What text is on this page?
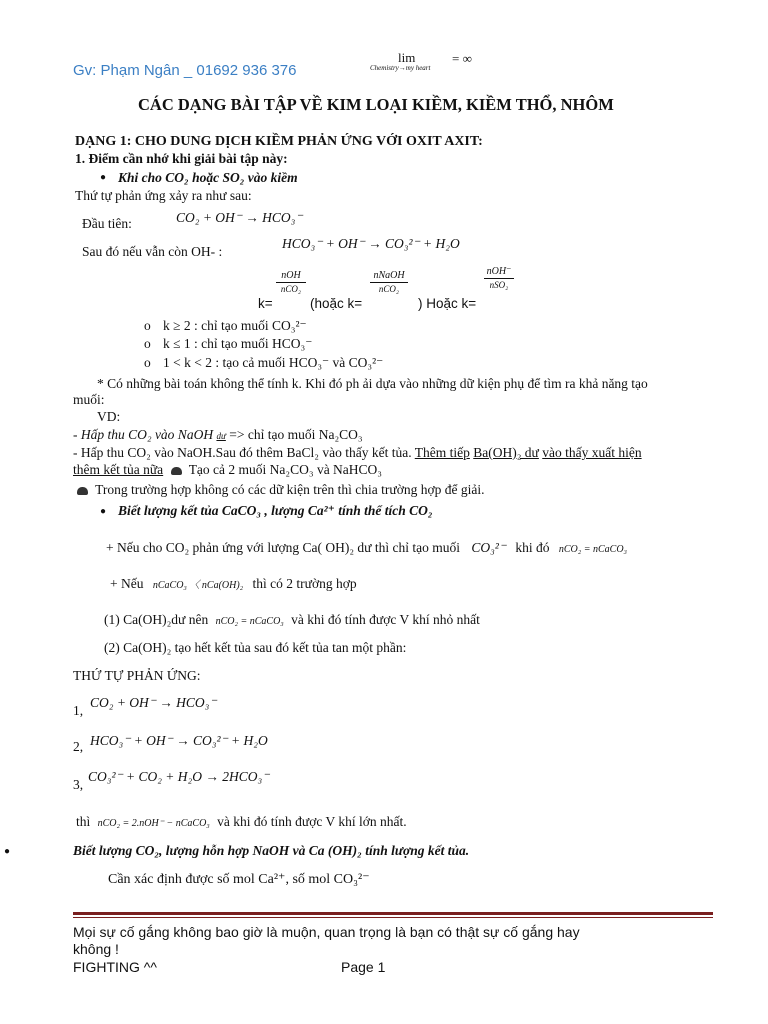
Gv: Phạm Ngân _ 01692 936 376
lim
Chemistry→my heart
= ∞
CÁC DẠNG BÀI TẬP VỀ KIM LOẠI KIỀM, KIỀM THỔ, NHÔM
DẠNG 1: CHO DUNG DỊCH KIỀM PHẢN ỨNG VỚI OXIT AXIT:
1. Điểm cần nhớ khi giải bài tập này:
● Khi cho CO₂ hoặc SO₂ vào kiềm
Thứ tự phản ứng xảy ra như sau:
Đầu tiên:	CO₂ + OH⁻ → HCO₃⁻
Sau đó nếu vẫn còn OH- :
HCO₃⁻ + OH⁻ → CO₃²⁻ + H₂O
k=
nOH
nCO₂
(hoặc k=
nNaOH
nCO₂
) Hoặc k=
nOH⁻
nSO₂
o k ≥ 2 : chỉ tạo muối CO₃²⁻
o k ≤ 1 : chỉ tạo muối HCO₃⁻
o 1 < k < 2 : tạo cả muối HCO₃⁻ và CO₃²⁻
* Có những bài toán không thể tính k. Khi đó ph ải dựa vào những dữ kiện phụ để tìm ra khả năng tạo
muối:
VD:
- Hấp thu CO₂ vào NaOH dư => chỉ tạo muối Na₂CO₃
- Hấp thu CO₂ vào NaOH.Sau đó thêm BaCl₂ vào thấy kết tủa. Thêm tiếp Ba(OH)₂ dư vào thấy xuất hiện
thêm kết tủa nữa Tạo cả 2 muối Na₂CO₃ và NaHCO₃
Trong trường hợp không có các dữ kiện trên thì chia trường hợp để giải.
● Biết lượng kết tủa CaCO₃ , lượng Ca²⁺ tính thể tích CO₂
+ Nếu cho CO₂ phản ứng với lượng Ca( OH)₂ dư thì chỉ tạo muối CO₃²⁻ khi đó nCO₂ = nCaCO₃
+ Nếu nCaCO₃ 〈 nCa(OH)₂ thì có 2 trường hợp
(1) Ca(OH)₂dư nên nCO₂ = nCaCO₃ và khi đó tính được V khí nhỏ nhất
(2) Ca(OH)₂ tạo hết kết tủa sau đó kết tủa tan một phần:
THỨ TỰ PHẢN ỨNG:
1,
CO₂ + OH⁻ → HCO₃⁻
2, HCO₃⁻ + OH⁻ → CO₃²⁻ + H₂O
3,
CO₃²⁻ + CO₂ + H₂O → 2HCO₃⁻
thì nCO₂ = 2.nOH⁻ − nCaCO₃ và khi đó tính được V khí lớn nhất.
●	Biết lượng CO₂, lượng hỗn hợp NaOH và Ca (OH)₂ tính lượng kết tủa.
Cần xác định được số mol Ca²⁺, số mol CO₃²⁻
Mọi sự cố gắng không bao giờ là muộn, quan trọng là bạn có thật sự cố gắng hay
không !
FIGHTING ^^	Page 1
